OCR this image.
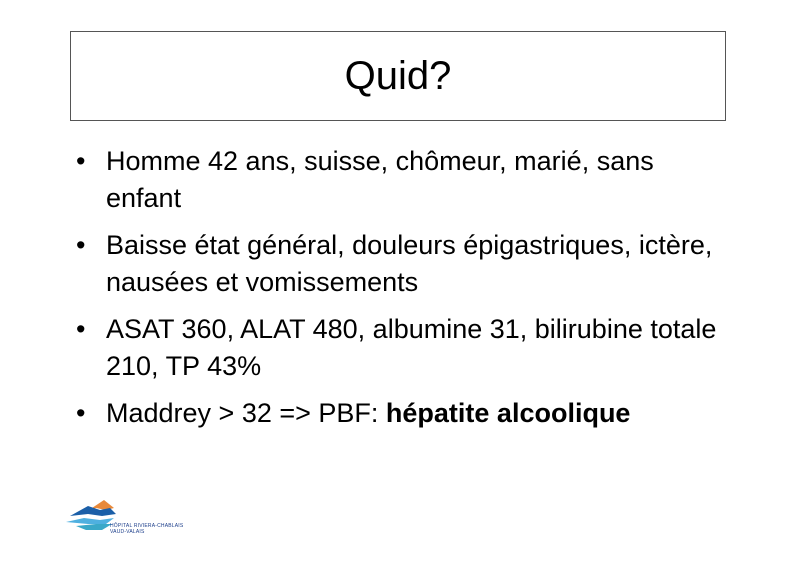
Quid?
• Homme 42 ans, suisse, chômeur, marié, sans enfant
• Baisse état général, douleurs épigastriques, ictère, nausées et vomissements
• ASAT 360, ALAT 480, albumine 31, bilirubine totale 210, TP 43%
• Maddrey > 32 => PBF: hépatite alcoolique
HÔPITAL RIVIERA-CHABLAIS
VAUD-VALAIS
